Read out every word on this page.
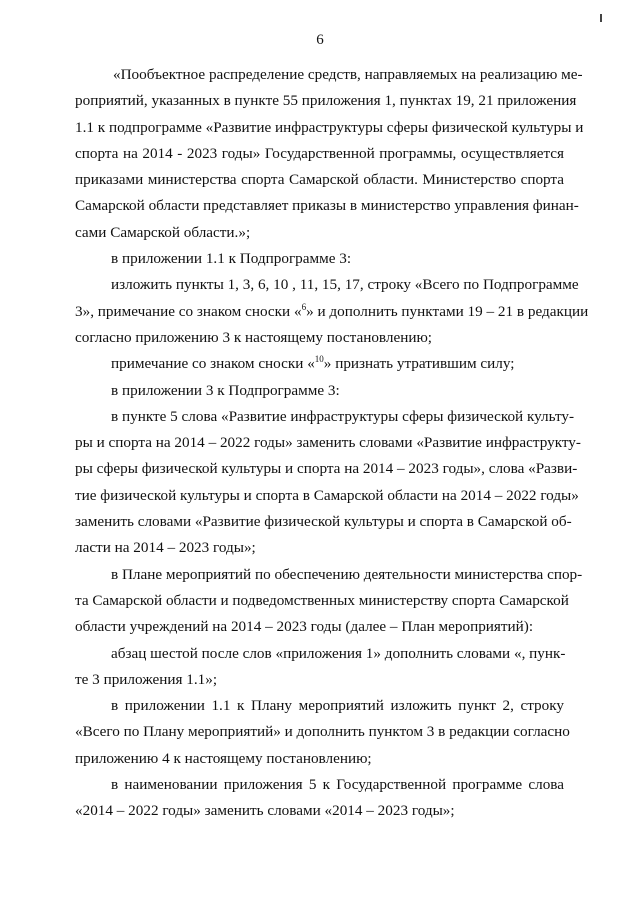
6
«Пообъектное распределение средств, направляемых на реализацию ме-
роприятий, указанных в пункте 55 приложения 1, пунктах 19, 21 приложения
1.1 к подпрограмме «Развитие инфраструктуры сферы физической культуры и
спорта на 2014 - 2023 годы» Государственной программы, осуществляется
приказами министерства спорта Самарской области. Министерство спорта
Самарской области представляет приказы в министерство управления финан-
сами Самарской области.»;
в приложении 1.1 к Подпрограмме 3:
изложить пункты 1, 3, 6, 10 , 11, 15, 17, строку «Всего по Подпрограмме
3», примечание со знаком сноски «$^6$» и дополнить пунктами 19 – 21 в редакции
согласно приложению 3 к настоящему постановлению;
примечание со знаком сноски «$^{10}$» признать утратившим силу;
в приложении 3 к Подпрограмме 3:
в пункте 5 слова «Развитие инфраструктуры сферы физической культу-
ры и спорта на 2014 – 2022 годы» заменить словами «Развитие инфраструкту-
ры сферы физической культуры и спорта на 2014 – 2023 годы», слова «Разви-
тие физической культуры и спорта в Самарской области на 2014 – 2022 годы»
заменить словами «Развитие физической культуры и спорта в Самарской об-
ласти на 2014 – 2023 годы»;
в Плане мероприятий по обеспечению деятельности министерства спор-
та Самарской области и подведомственных министерству спорта Самарской
области учреждений на 2014 – 2023 годы (далее – План мероприятий):
абзац шестой после слов «приложения 1» дополнить словами «, пунк-
те 3 приложения 1.1»;
в приложении 1.1 к Плану мероприятий изложить пункт 2, строку
«Всего по Плану мероприятий» и дополнить пунктом 3 в редакции согласно
приложению 4 к настоящему постановлению;
в наименовании приложения 5 к Государственной программе слова
«2014 – 2022 годы» заменить словами «2014 – 2023 годы»;
